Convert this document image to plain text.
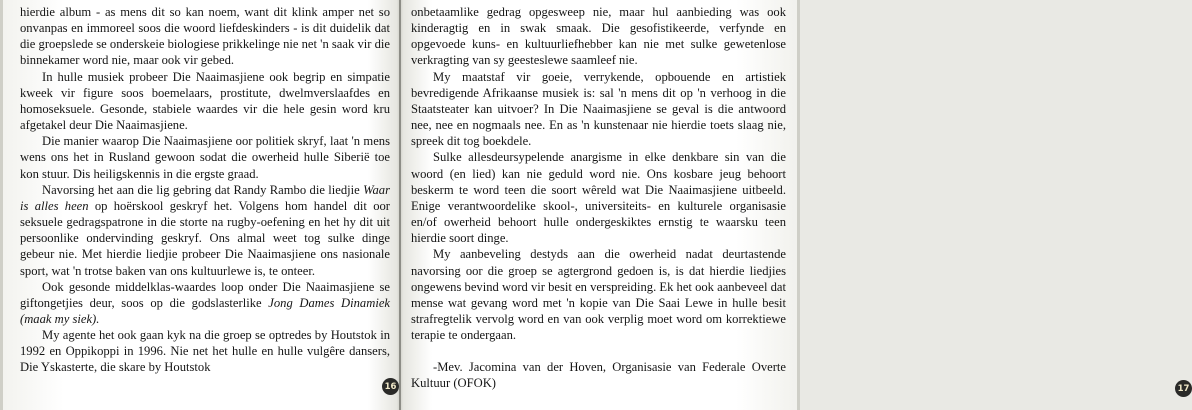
hierdie album - as mens dit so kan noem, want dit klink amper net so onvanpas en immoreel soos die woord liefdeskinders - is dit duidelik dat die groepslede se onderskeie biologiese prikkelinge nie net 'n saak vir die binnekamer word nie, maar ook vir gebed.

In hulle musiek probeer Die Naaimasjiene ook begrip en simpatie kweek vir figure soos boemelaars, prostitute, dwelmverslaafdes en homoseksuele. Gesonde, stabiele waardes vir die hele gesin word kru afgetakel deur Die Naaimasjiene.

Die manier waarop Die Naaimasjiene oor politiek skryf, laat 'n mens wens ons het in Rusland gewoon sodat die owerheid hulle Siberië toe kon stuur. Dis heiligskennis in die ergste graad.

Navorsing het aan die lig gebring dat Randy Rambo die liedjie Waar is alles heen op hoërskool geskryf het. Volgens hom handel dit oor seksuele gedragspatrone in die storte na rugby-oefening en het hy dit uit persoonlike ondervinding geskryf. Ons almal weet tog sulke dinge gebeur nie. Met hierdie liedjie probeer Die Naaimasjiene ons nasionale sport, wat 'n trotse baken van ons kultuurlewe is, te onteer.

Ook gesonde middelklas-waardes loop onder Die Naaimasjiene se giftongetjies deur, soos op die godslasterlike Jong Dames Dinamiek (maak my siek).

My agente het ook gaan kyk na die groep se optredes by Houtstok in 1992 en Oppikoppi in 1996. Nie net het hulle en hulle vulgêre dansers, Die Yskasterte, die skare by Houtstok

16

onbetaamlike gedrag opgesweep nie, maar hul aanbieding was ook kinderagtig en in swak smaak. Die gesofistikeerde, verfynde en opgevoede kuns- en kultuurliefhebber kan nie met sulke gewetenlose verkragting van sy geesteslewe saamleef nie.

My maatstaf vir goeie, verrykende, opbouende en artistiek bevredigende Afrikaanse musiek is: sal 'n mens dit op 'n verhoog in die Staatsteater kan uitvoer? In Die Naaimasjiene se geval is die antwoord nee, nee en nogmaals nee. En as 'n kunstenaar nie hierdie toets slaag nie, spreek dit tog boekdele.

Sulke allesdeursypelende anargisme in elke denkbare sin van die woord (en lied) kan nie geduld word nie. Ons kosbare jeug behoort beskerm te word teen die soort wêreld wat Die Naaimasjiene uitbeeld. Enige verantwoordelike skool-, universiteits- en kulturele organisasie en/of owerheid behoort hulle ondergeskiktes ernstig te waarsku teen hierdie soort dinge.

My aanbeveling destyds aan die owerheid nadat deurtastende navorsing oor die groep se agtergrond gedoen is, is dat hierdie liedjies ongewens bevind word vir besit en verspreiding. Ek het ook aanbeveel dat mense wat gevang word met 'n kopie van Die Saai Lewe in hulle besit strafregtelik vervolg word en van ook verplig moet word om korrektiewe terapie te ondergaan.

-Mev. Jacomina van der Hoven, Organisasie van Federale Overte Kultuur (OFOK)	17
